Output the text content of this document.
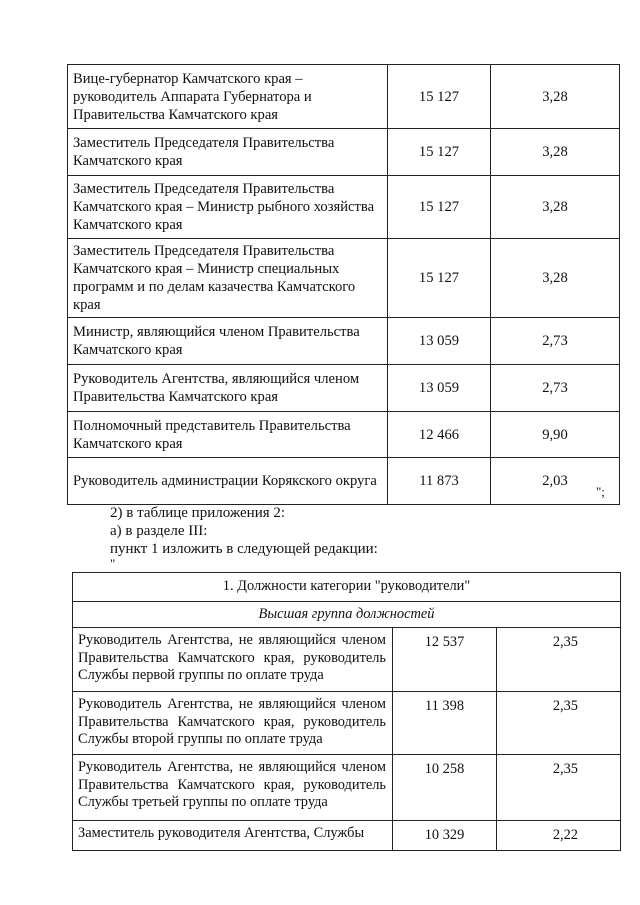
Вице-губернатор Камчатского края – руководитель Аппарата Губернатора и Правительства Камчатского края	15 127	3,28
Заместитель Председателя Правительства Камчатского края	15 127	3,28
Заместитель Председателя Правительства Камчатского края – Министр рыбного хозяйства Камчатского края	15 127	3,28
Заместитель Председателя Правительства Камчатского края – Министр специальных программ и по делам казачества Камчатского края	15 127	3,28
Министр, являющийся членом Правительства Камчатского края	13 059	2,73
Руководитель Агентства, являющийся членом Правительства Камчатского края	13 059	2,73
Полномочный представитель Правительства Камчатского края	12 466	9,90
Руководитель администрации Корякского округа	11 873	2,03
";
2) в таблице приложения 2:
а) в разделе III:
пункт 1 изложить в следующей редакции:
"
1. Должности категории "руководители"		
Высшая группа должностей		
Руководитель Агентства, не являющийся членом Правительства Камчатского края, руководитель Службы первой группы по оплате труда	12 537	2,35
Руководитель Агентства, не являющийся членом Правительства Камчатского края, руководитель Службы второй группы по оплате труда	11 398	2,35
Руководитель Агентства, не являющийся членом Правительства Камчатского края, руководитель Службы третьей группы по оплате труда	10 258	2,35
Заместитель руководителя Агентства, Службы	10 329	2,22
